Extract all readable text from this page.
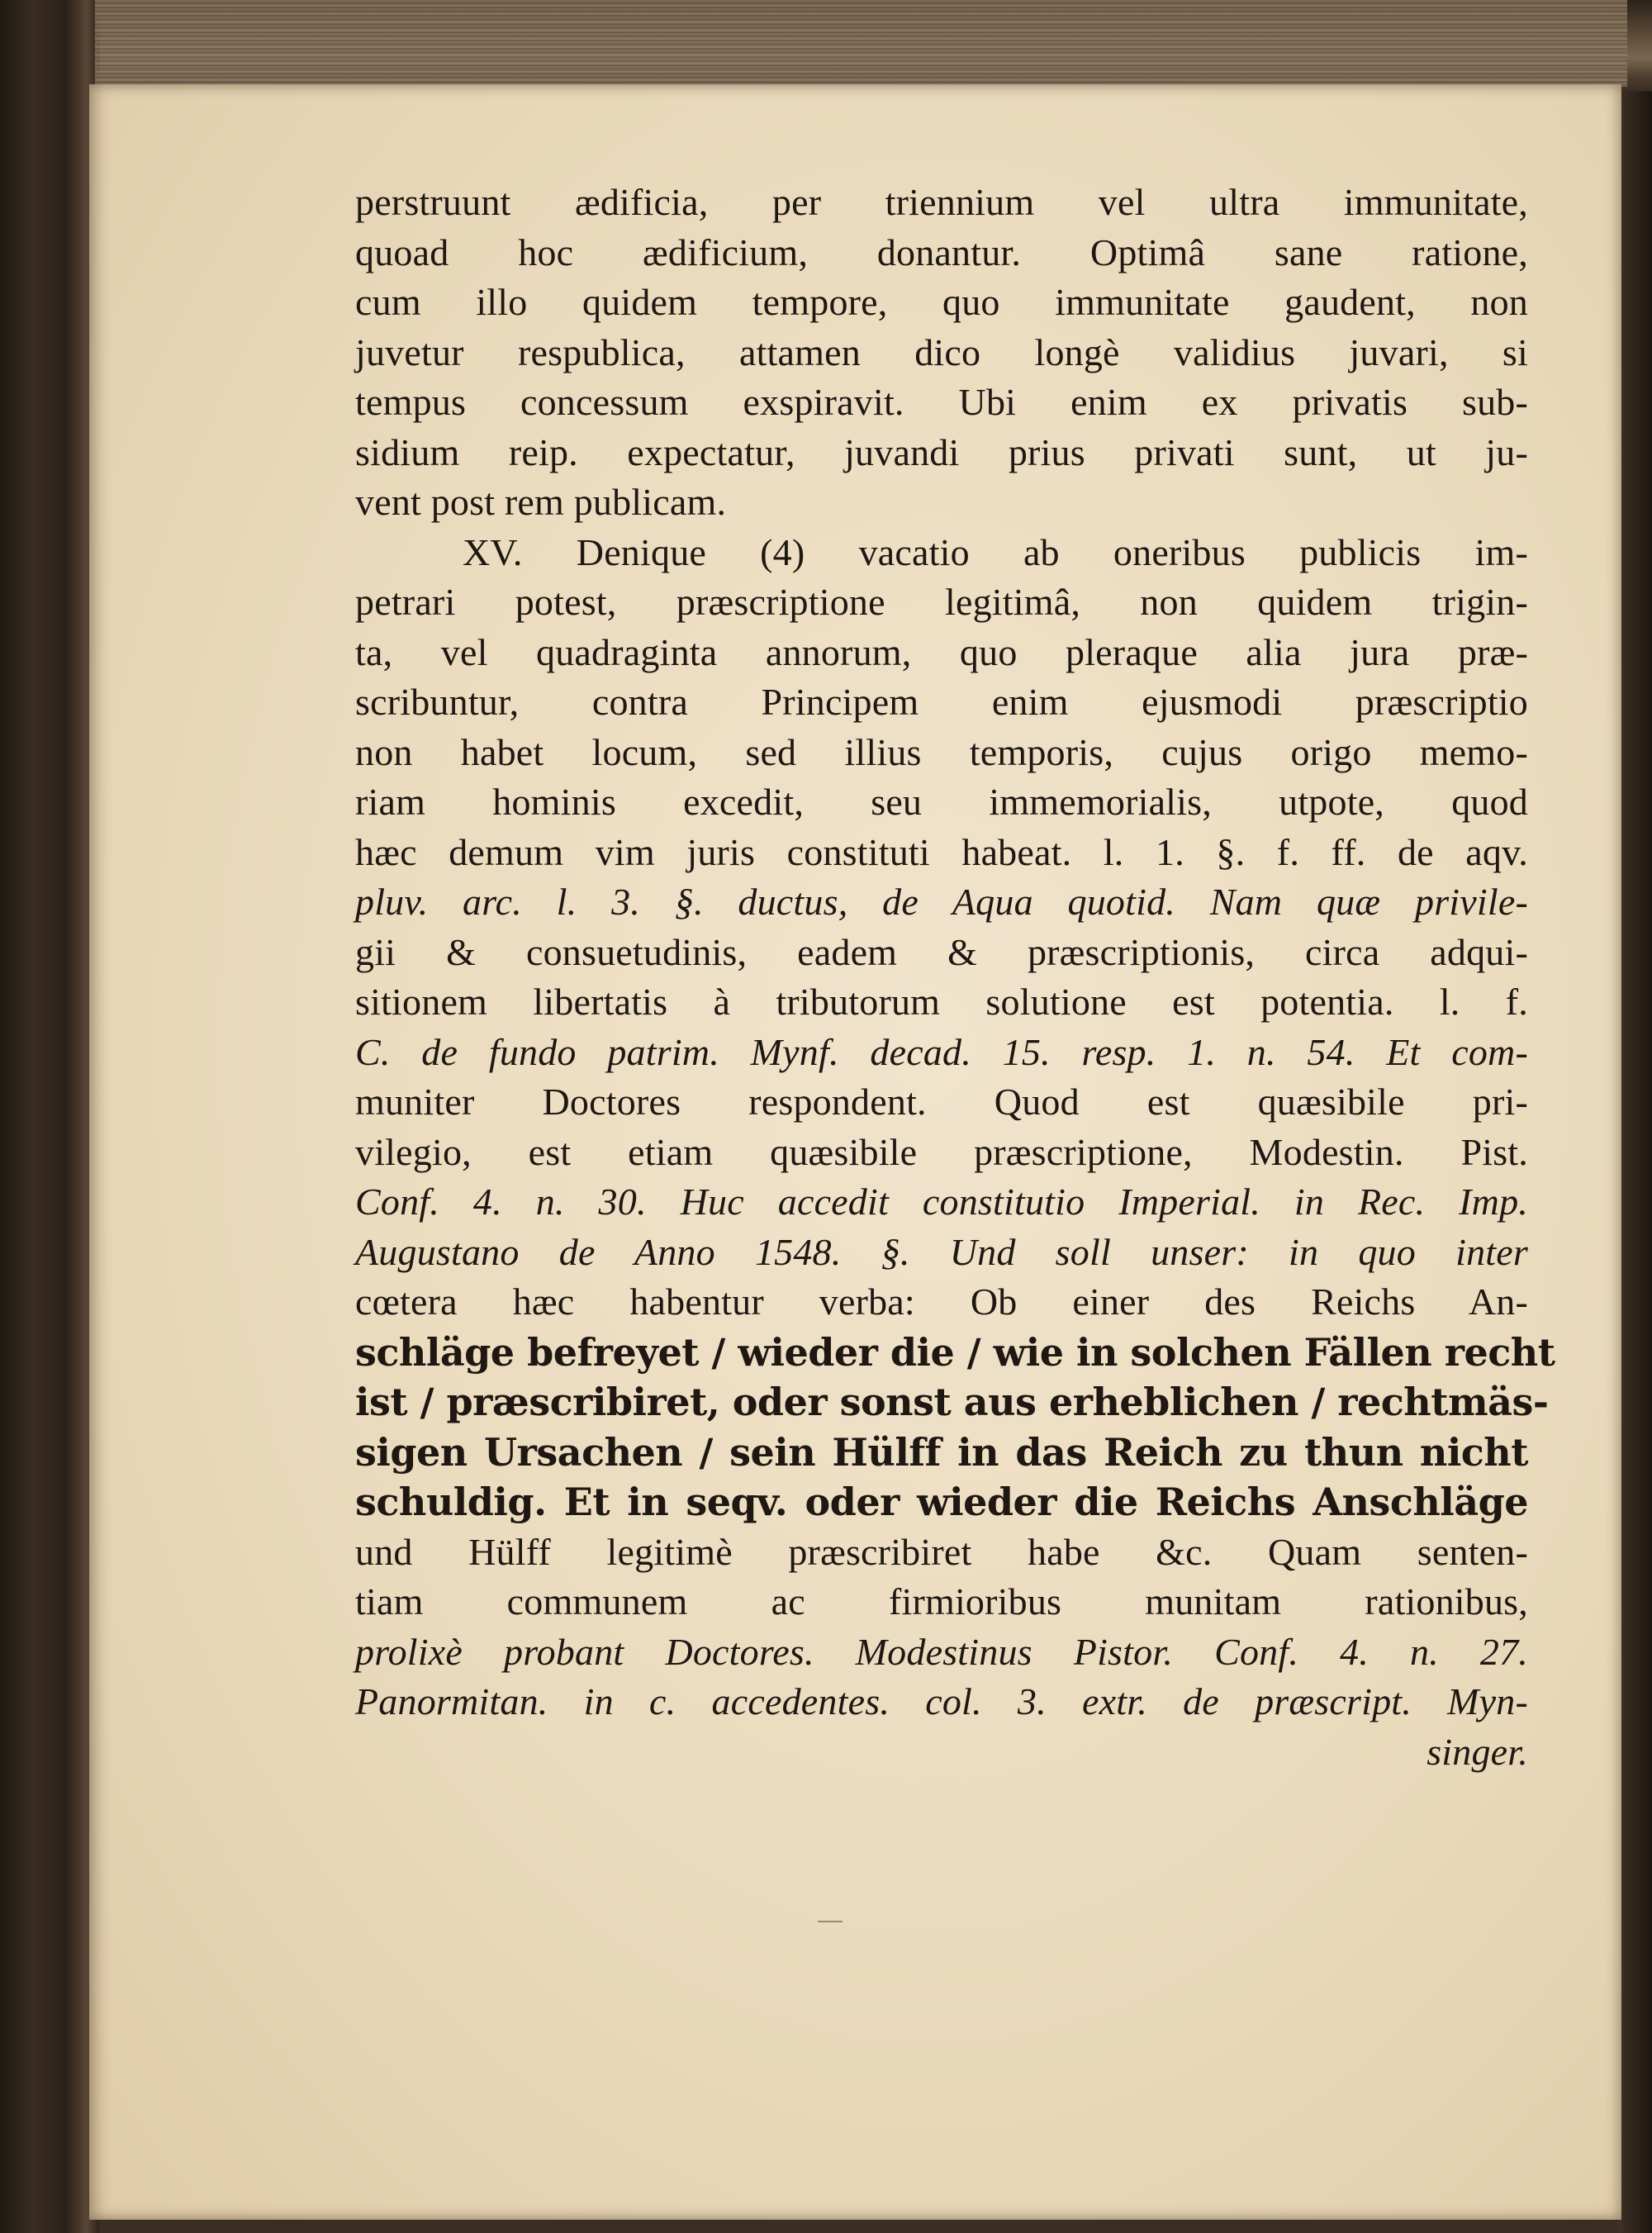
perstruunt ædificia, per triennium vel ultra immunitate,
quoad hoc ædificium, donantur. Optimâ sane ratione,
cum illo quidem tempore, quo immunitate gaudent, non
juvetur respublica, attamen dico longè validius juvari, si
tempus concessum exspiravit. Ubi enim ex privatis sub-
sidium reip. expectatur, juvandi prius privati sunt, ut ju-
vent post rem publicam.
XV. Denique (4) vacatio ab oneribus publicis im-
petrari potest, præscriptione legitimâ, non quidem trigin-
ta, vel quadraginta annorum, quo pleraque alia jura præ-
scribuntur, contra Principem enim ejusmodi præscriptio
non habet locum, sed illius temporis, cujus origo memo-
riam hominis excedit, seu immemorialis, utpote, quod
hæc demum vim juris constituti habeat. l. 1. §. f. ff. de aqv.
pluv. arc. l. 3. §. ductus, de Aqua quotid. Nam quæ privile-
gii & consuetudinis, eadem & præscriptionis, circa adqui-
sitionem libertatis à tributorum solutione est potentia. l. f.
C. de fundo patrim. Mynf. decad. 15. resp. 1. n. 54. Et com-
muniter Doctores respondent. Quod est quæsibile pri-
vilegio, est etiam quæsibile præscriptione, Modestin. Pist.
Conf. 4. n. 30. Huc accedit constitutio Imperial. in Rec. Imp.
Augustano de Anno 1548. §. Und soll unser: in quo inter
cœtera hæc habentur verba: Ob einer des Reichs An-
schläge befreyet / wieder die / wie in solchen Fällen recht
ist / præscribiret, oder sonst aus erheblichen / rechtmäs-
sigen Ursachen / sein Hülff in das Reich zu thun nicht
schuldig. Et in seqv. oder wieder die Reichs Anschläge
und Hülff legitimè præscribiret habe &c. Quam senten-
tiam communem ac firmioribus munitam rationibus,
prolixè probant Doctores. Modestinus Pistor. Conf. 4. n. 27.
Panormitan. in c. accedentes. col. 3. extr. de præscript. Myn-
singer.
